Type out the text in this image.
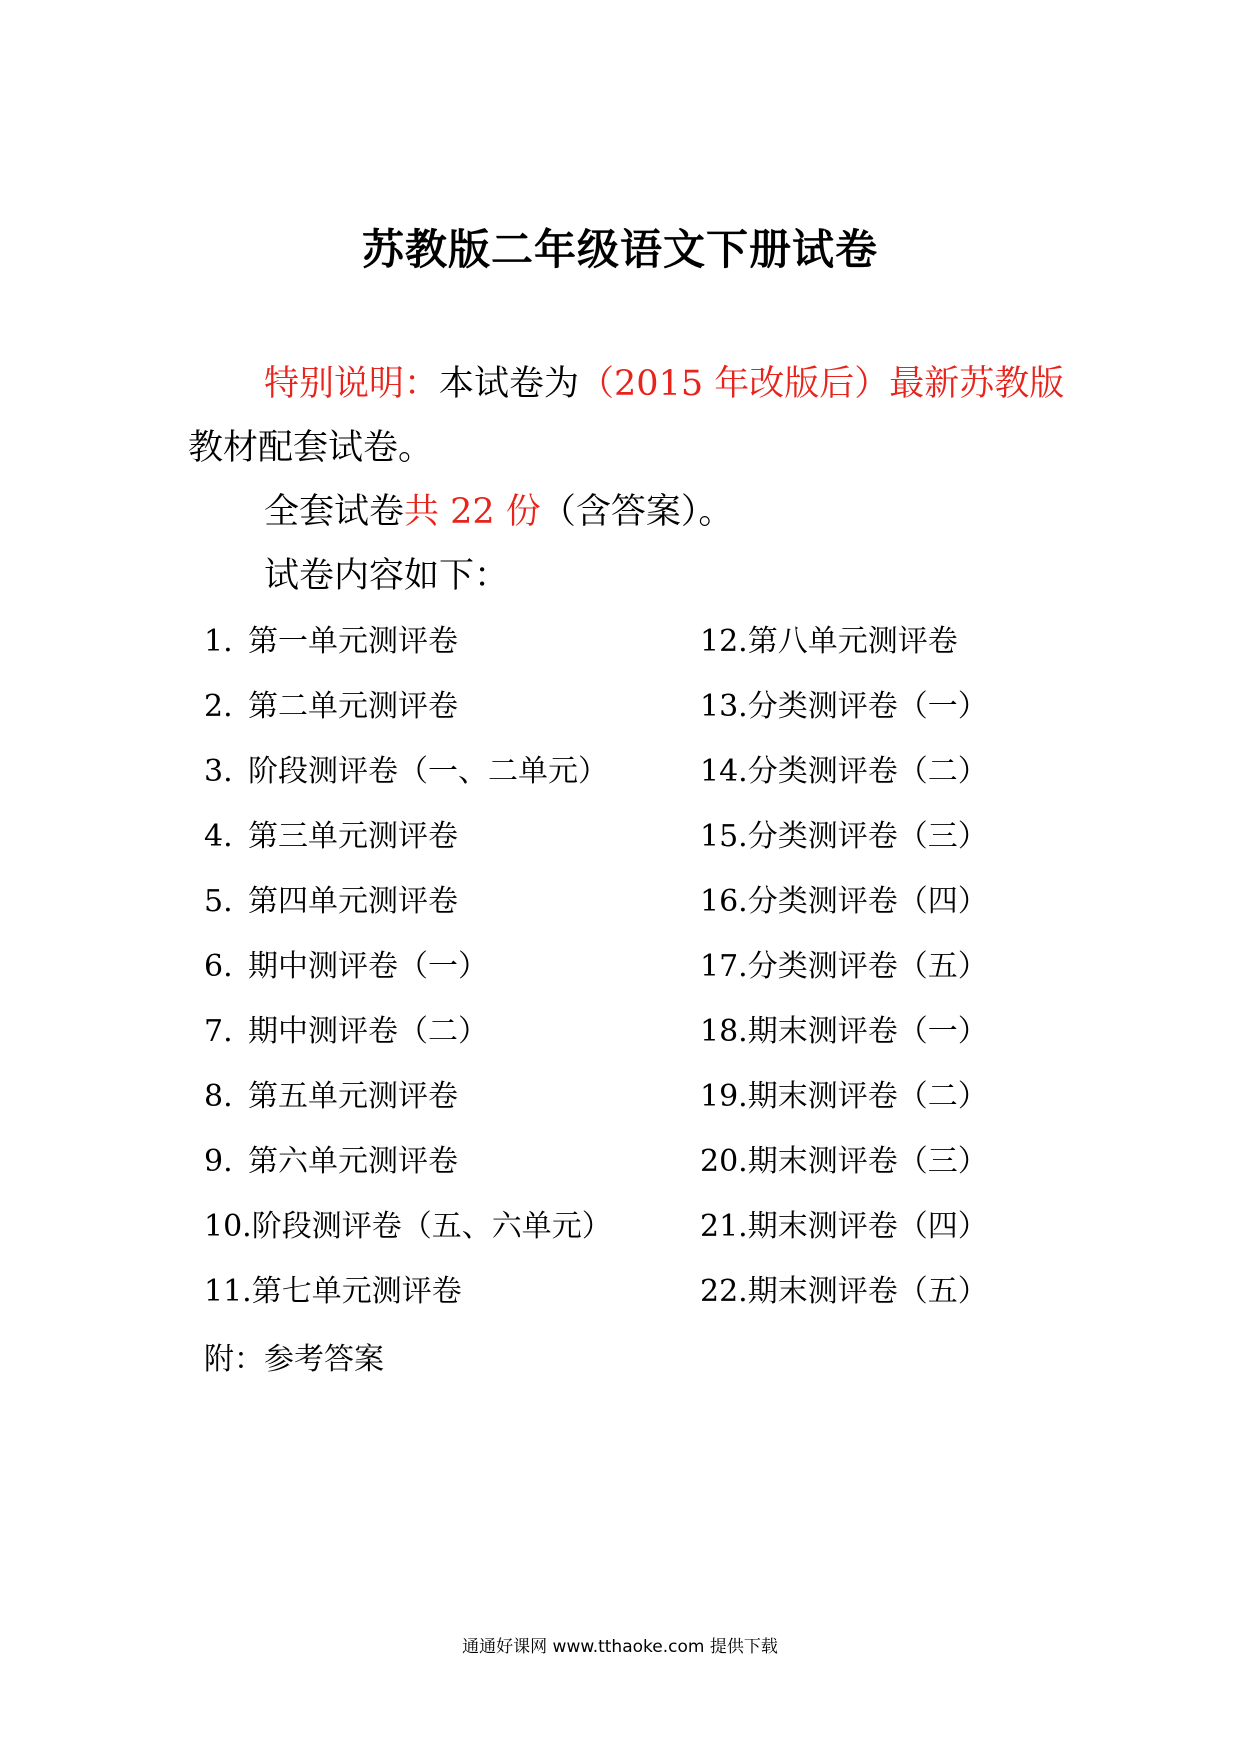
苏教版二年级语文下册试卷

特别说明：本试卷为（2015 年改版后）最新苏教版教材配套试卷。

全套试卷共 22 份（含答案）。

试卷内容如下：

1. 第一单元测评卷
2. 第二单元测评卷
3. 阶段测评卷（一、二单元）
4. 第三单元测评卷
5. 第四单元测评卷
6. 期中测评卷（一）
7. 期中测评卷（二）
8. 第五单元测评卷
9. 第六单元测评卷
10.阶段测评卷（五、六单元）
11.第七单元测评卷
12.第八单元测评卷
13.分类测评卷（一）
14.分类测评卷（二）
15.分类测评卷（三）
16.分类测评卷（四）
17.分类测评卷（五）
18.期末测评卷（一）
19.期末测评卷（二）
20.期末测评卷（三）
21.期末测评卷（四）
22.期末测评卷（五）
附：参考答案
通通好课网 www.tthaoke.com 提供下载
